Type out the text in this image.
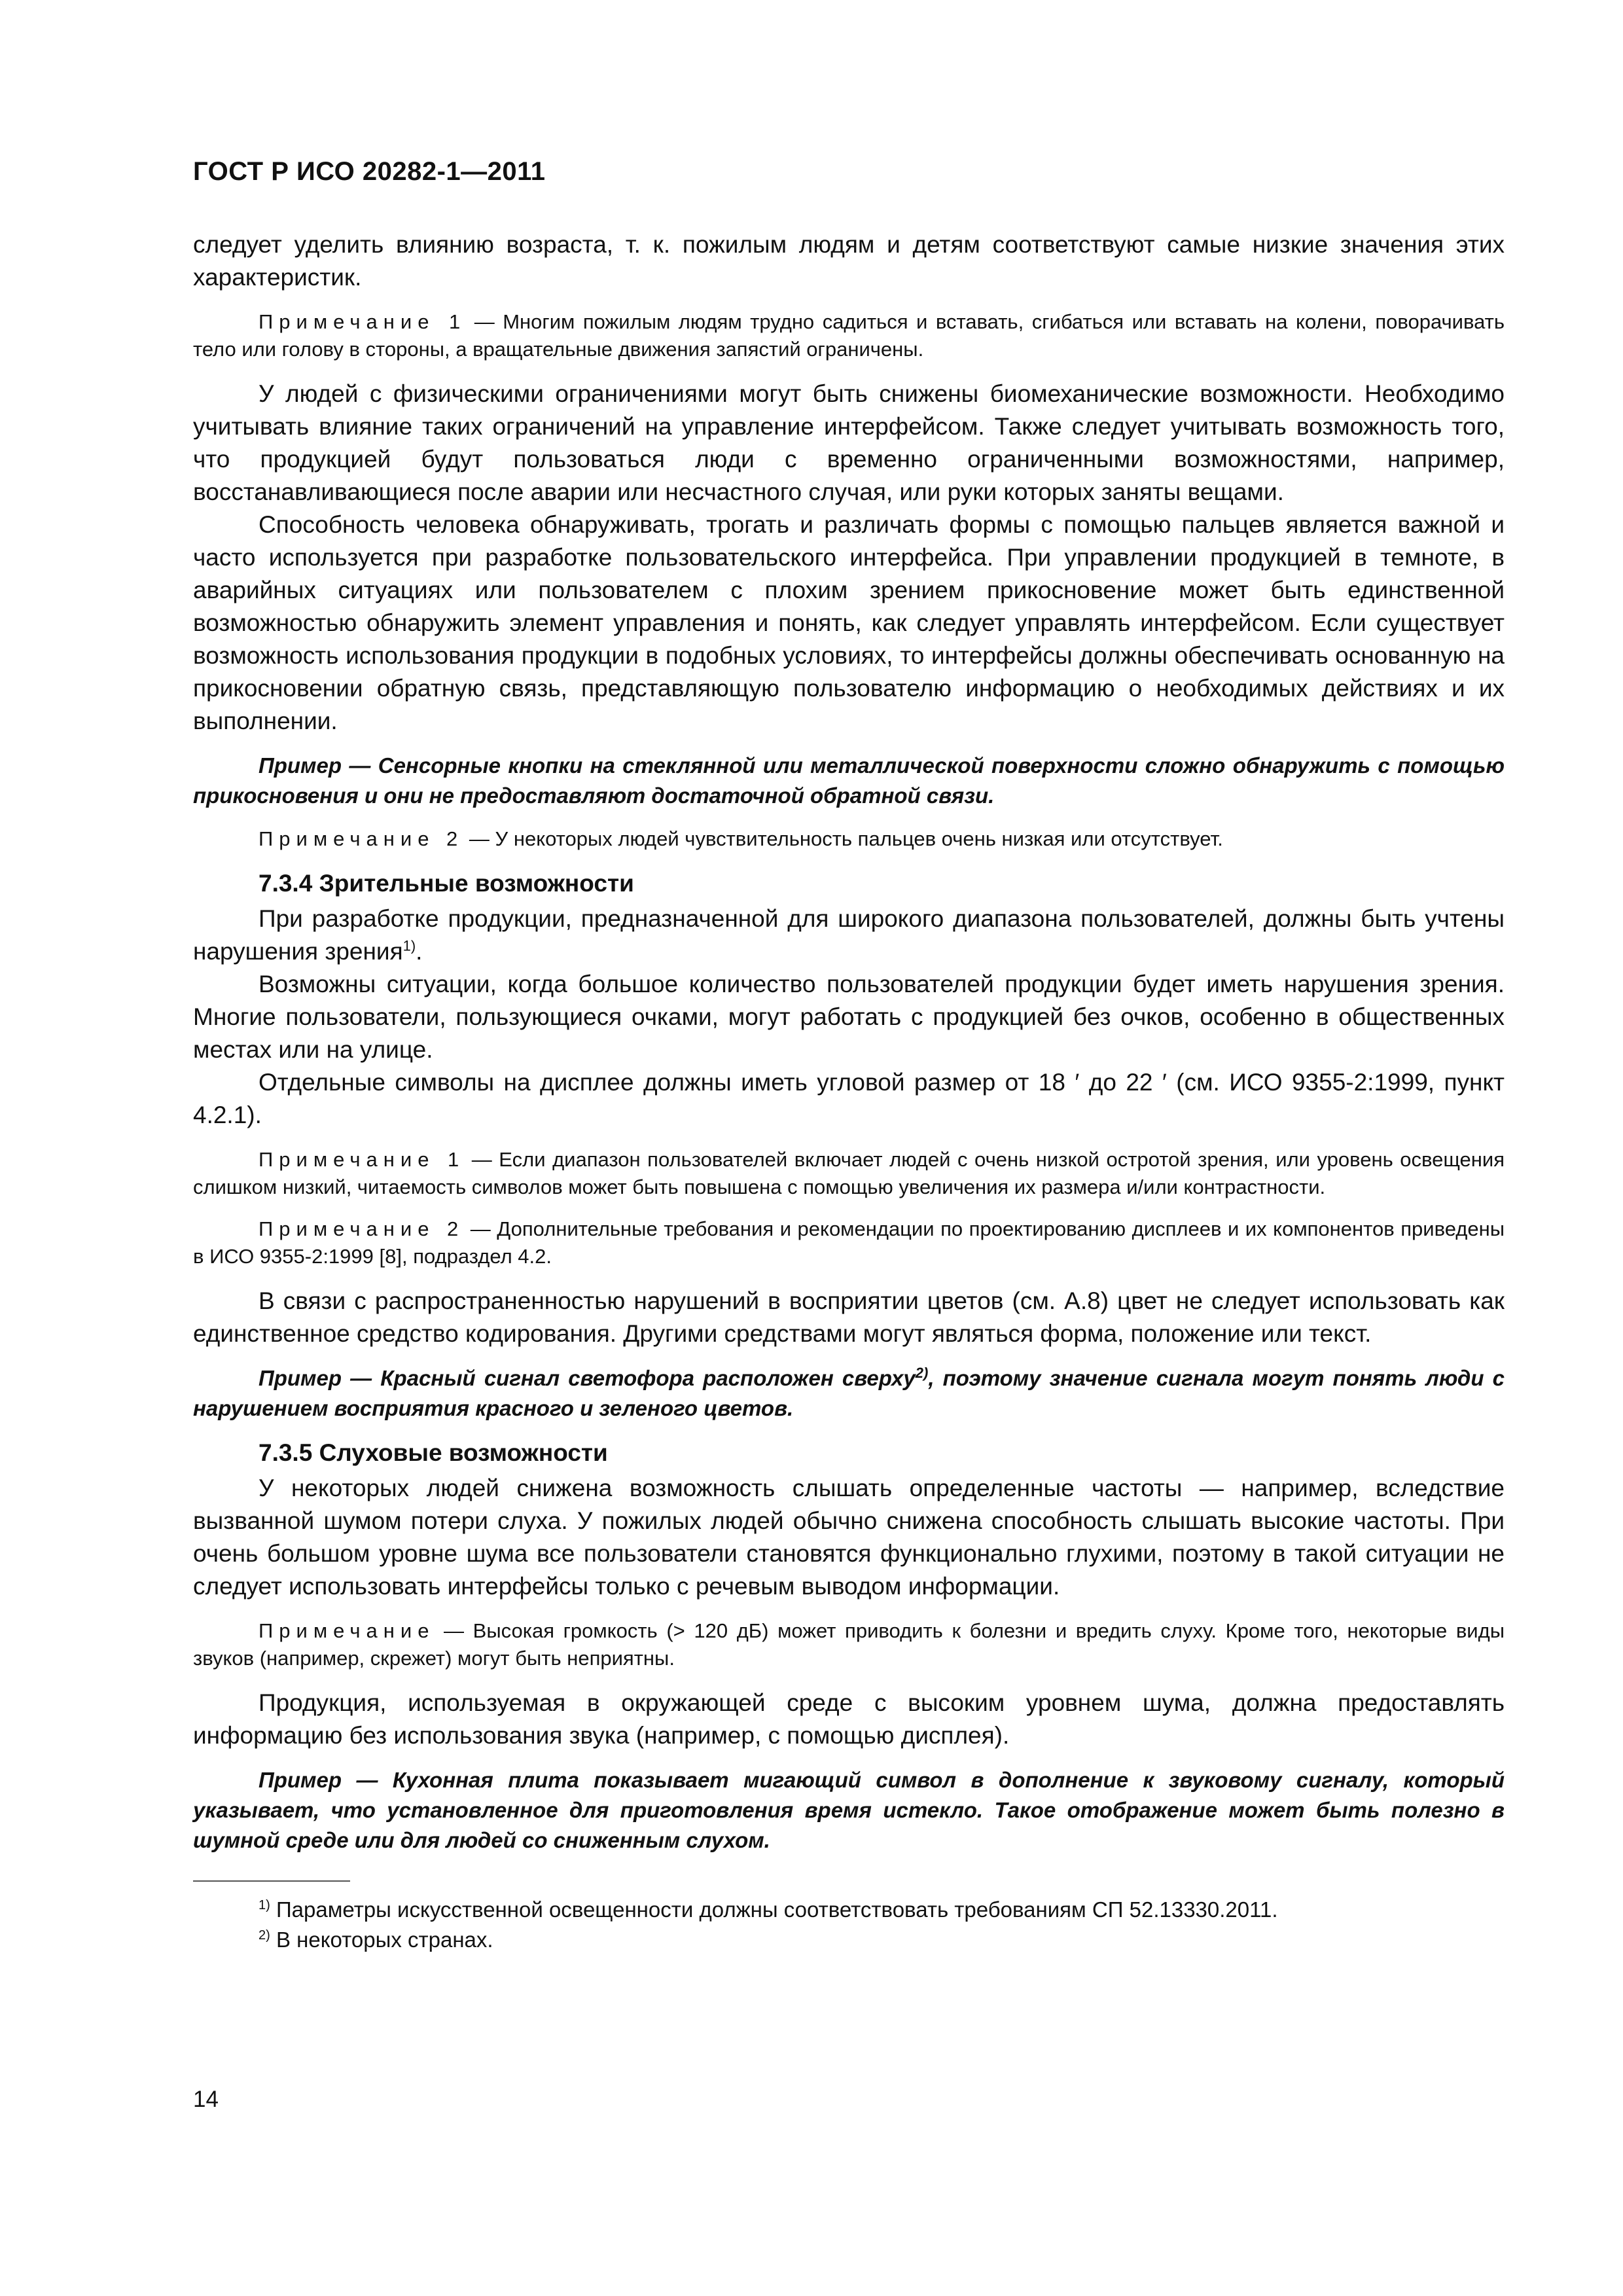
ГОСТ Р ИСО 20282-1—2011

следует уделить влиянию возраста, т. к. пожилым людям и детям соответствуют самые низкие значения этих характеристик.

Примечание 1 — Многим пожилым людям трудно садиться и вставать, сгибаться или вставать на колени, поворачивать тело или голову в стороны, а вращательные движения запястий ограничены.

У людей с физическими ограничениями могут быть снижены биомеханические возможности. Необходимо учитывать влияние таких ограничений на управление интерфейсом. Также следует учитывать возможность того, что продукцией будут пользоваться люди с временно ограниченными возможностями, например, восстанавливающиеся после аварии или несчастного случая, или руки которых заняты вещами.

Способность человека обнаруживать, трогать и различать формы с помощью пальцев является важной и часто используется при разработке пользовательского интерфейса. При управлении продукцией в темноте, в аварийных ситуациях или пользователем с плохим зрением прикосновение может быть единственной возможностью обнаружить элемент управления и понять, как следует управлять интерфейсом. Если существует возможность использования продукции в подобных условиях, то интерфейсы должны обеспечивать основанную на прикосновении обратную связь, представляющую пользователю информацию о необходимых действиях и их выполнении.

Пример — Сенсорные кнопки на стеклянной или металлической поверхности сложно обнаружить с помощью прикосновения и они не предоставляют достаточной обратной связи.
Примечание 2 — У некоторых людей чувствительность пальцев очень низкая или отсутствует.
7.3.4 Зрительные возможности

При разработке продукции, предназначенной для широкого диапазона пользователей, должны быть учтены нарушения зрения$^{1)}$.

Возможны ситуации, когда большое количество пользователей продукции будет иметь нарушения зрения. Многие пользователи, пользующиеся очками, могут работать с продукцией без очков, особенно в общественных местах или на улице.

Отдельные символы на дисплее должны иметь угловой размер от 18 ′ до 22 ′ (см. ИСО 9355-2:1999, пункт 4.2.1).

Примечание 1 — Если диапазон пользователей включает людей с очень низкой остротой зрения, или уровень освещения слишком низкий, читаемость символов может быть повышена с помощью увеличения их размера и/или контрастности.
Примечание 2 — Дополнительные требования и рекомендации по проектированию дисплеев и их компонентов приведены в ИСО 9355-2:1999 [8], подраздел 4.2.

В связи с распространенностью нарушений в восприятии цветов (см. А.8) цвет не следует использовать как единственное средство кодирования. Другими средствами могут являться форма, положение или текст.

Пример — Красный сигнал светофора расположен сверху$^{2)}$, поэтому значение сигнала могут понять люди с нарушением восприятия красного и зеленого цветов.
7.3.5 Слуховые возможности

У некоторых людей снижена возможность слышать определенные частоты — например, вследствие вызванной шумом потери слуха. У пожилых людей обычно снижена способность слышать высокие частоты. При очень большом уровне шума все пользователи становятся функционально глухими, поэтому в такой ситуации не следует использовать интерфейсы только с речевым выводом информации.

Примечание — Высокая громкость (> 120 дБ) может приводить к болезни и вредить слуху. Кроме того, некоторые виды звуков (например, скрежет) могут быть неприятны.

Продукция, используемая в окружающей среде с высоким уровнем шума, должна предоставлять информацию без использования звука (например, с помощью дисплея).

Пример — Кухонная плита показывает мигающий символ в дополнение к звуковому сигналу, который указывает, что установленное для приготовления время истекло. Такое отображение может быть полезно в шумной среде или для людей со сниженным слухом.
$^{1)}$ Параметры искусственной освещенности должны соответствовать требованиям СП 52.13330.2011.
$^{2)}$ В некоторых странах.
14
